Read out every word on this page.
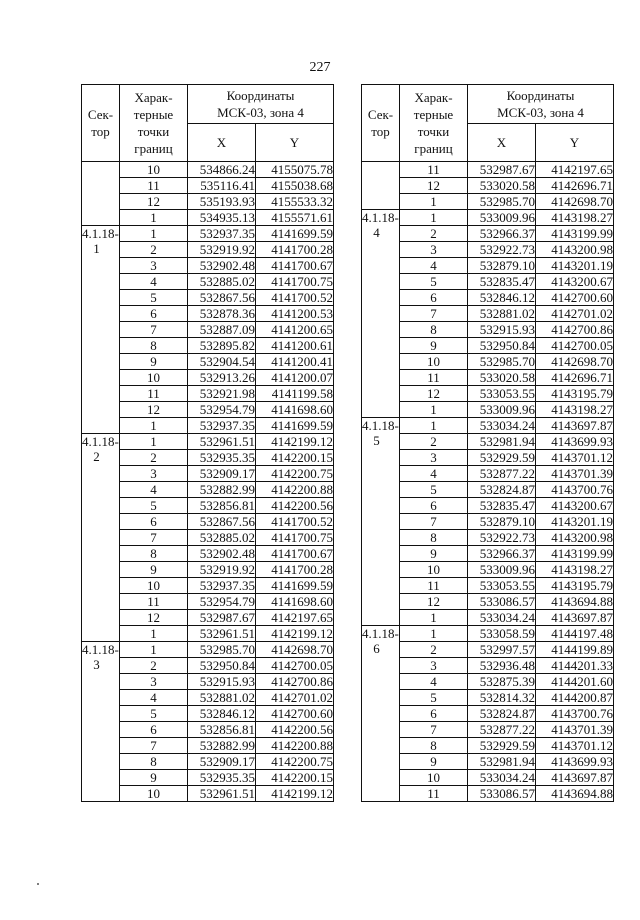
227
Сек-
тор	Харак-
терные
точки
границ	Координаты
МСК-03, зона 4	
		X	Y

	10	534866.24	4155075.78
	11	535116.41	4155038.68
	12	535193.93	4155533.32
	1	534935.13	4155571.61

4.1.18-
1	1	532937.35	4141699.59
	2	532919.92	4141700.28
	3	532902.48	4141700.67
	4	532885.02	4141700.75
	5	532867.56	4141700.52
	6	532878.36	4141200.53
	7	532887.09	4141200.65
	8	532895.82	4141200.61
	9	532904.54	4141200.41
	10	532913.26	4141200.07
	11	532921.98	4141199.58
	12	532954.79	4141698.60
	1	532937.35	4141699.59

4.1.18-
2	1	532961.51	4142199.12
	2	532935.35	4142200.15
	3	532909.17	4142200.75
	4	532882.99	4142200.88
	5	532856.81	4142200.56
	6	532867.56	4141700.52
	7	532885.02	4141700.75
	8	532902.48	4141700.67
	9	532919.92	4141700.28
	10	532937.35	4141699.59
	11	532954.79	4141698.60
	12	532987.67	4142197.65
	1	532961.51	4142199.12

4.1.18-
3	1	532985.70	4142698.70
	2	532950.84	4142700.05
	3	532915.93	4142700.86
	4	532881.02	4142701.02
	5	532846.12	4142700.60
	6	532856.81	4142200.56
	7	532882.99	4142200.88
	8	532909.17	4142200.75
	9	532935.35	4142200.15
	10	532961.51	4142199.12
Сек-
тор	Харак-
терные
точки
границ	Координаты
МСК-03, зона 4	
		X	Y

	11	532987.67	4142197.65
	12	533020.58	4142696.71
	1	532985.70	4142698.70

4.1.18-
4	1	533009.96	4143198.27
	2	532966.37	4143199.99
	3	532922.73	4143200.98
	4	532879.10	4143201.19
	5	532835.47	4143200.67
	6	532846.12	4142700.60
	7	532881.02	4142701.02
	8	532915.93	4142700.86
	9	532950.84	4142700.05
	10	532985.70	4142698.70
	11	533020.58	4142696.71
	12	533053.55	4143195.79
	1	533009.96	4143198.27

4.1.18-
5	1	533034.24	4143697.87
	2	532981.94	4143699.93
	3	532929.59	4143701.12
	4	532877.22	4143701.39
	5	532824.87	4143700.76
	6	532835.47	4143200.67
	7	532879.10	4143201.19
	8	532922.73	4143200.98
	9	532966.37	4143199.99
	10	533009.96	4143198.27
	11	533053.55	4143195.79
	12	533086.57	4143694.88
	1	533034.24	4143697.87

4.1.18-
6	1	533058.59	4144197.48
	2	532997.57	4144199.89
	3	532936.48	4144201.33
	4	532875.39	4144201.60
	5	532814.32	4144200.87
	6	532824.87	4143700.76
	7	532877.22	4143701.39
	8	532929.59	4143701.12
	9	532981.94	4143699.93
	10	533034.24	4143697.87
	11	533086.57	4143694.88
